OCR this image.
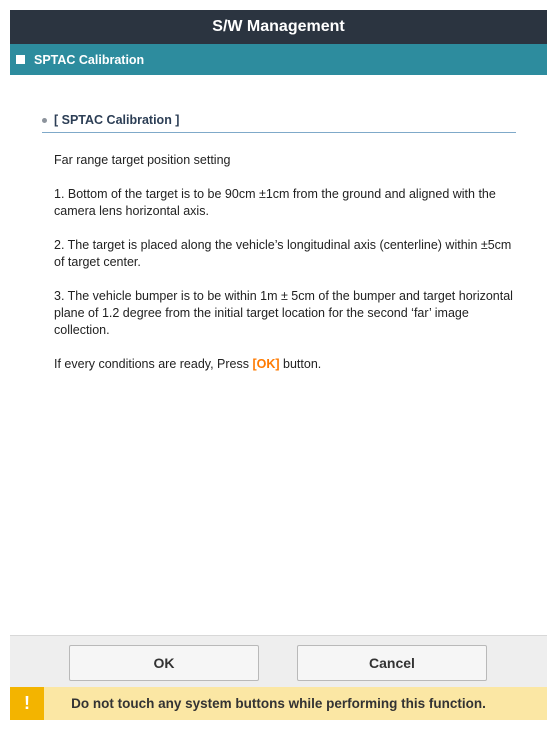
S/W Management
SPTAC Calibration
[ SPTAC Calibration ]

Far range target position setting

1. Bottom of the target is to be 90cm ±1cm from the ground and aligned with the camera lens horizontal axis.

2. The target is placed along the vehicle’s longitudinal axis (centerline) within ±5cm of target center.

3. The vehicle bumper is to be within 1m ± 5cm of the bumper and target horizontal plane of 1.2 degree from the initial target location for the second ‘far’ image collection.

If every conditions are ready, Press [OK] button.

OK	Cancel
!	Do not touch any system buttons while performing this function.
